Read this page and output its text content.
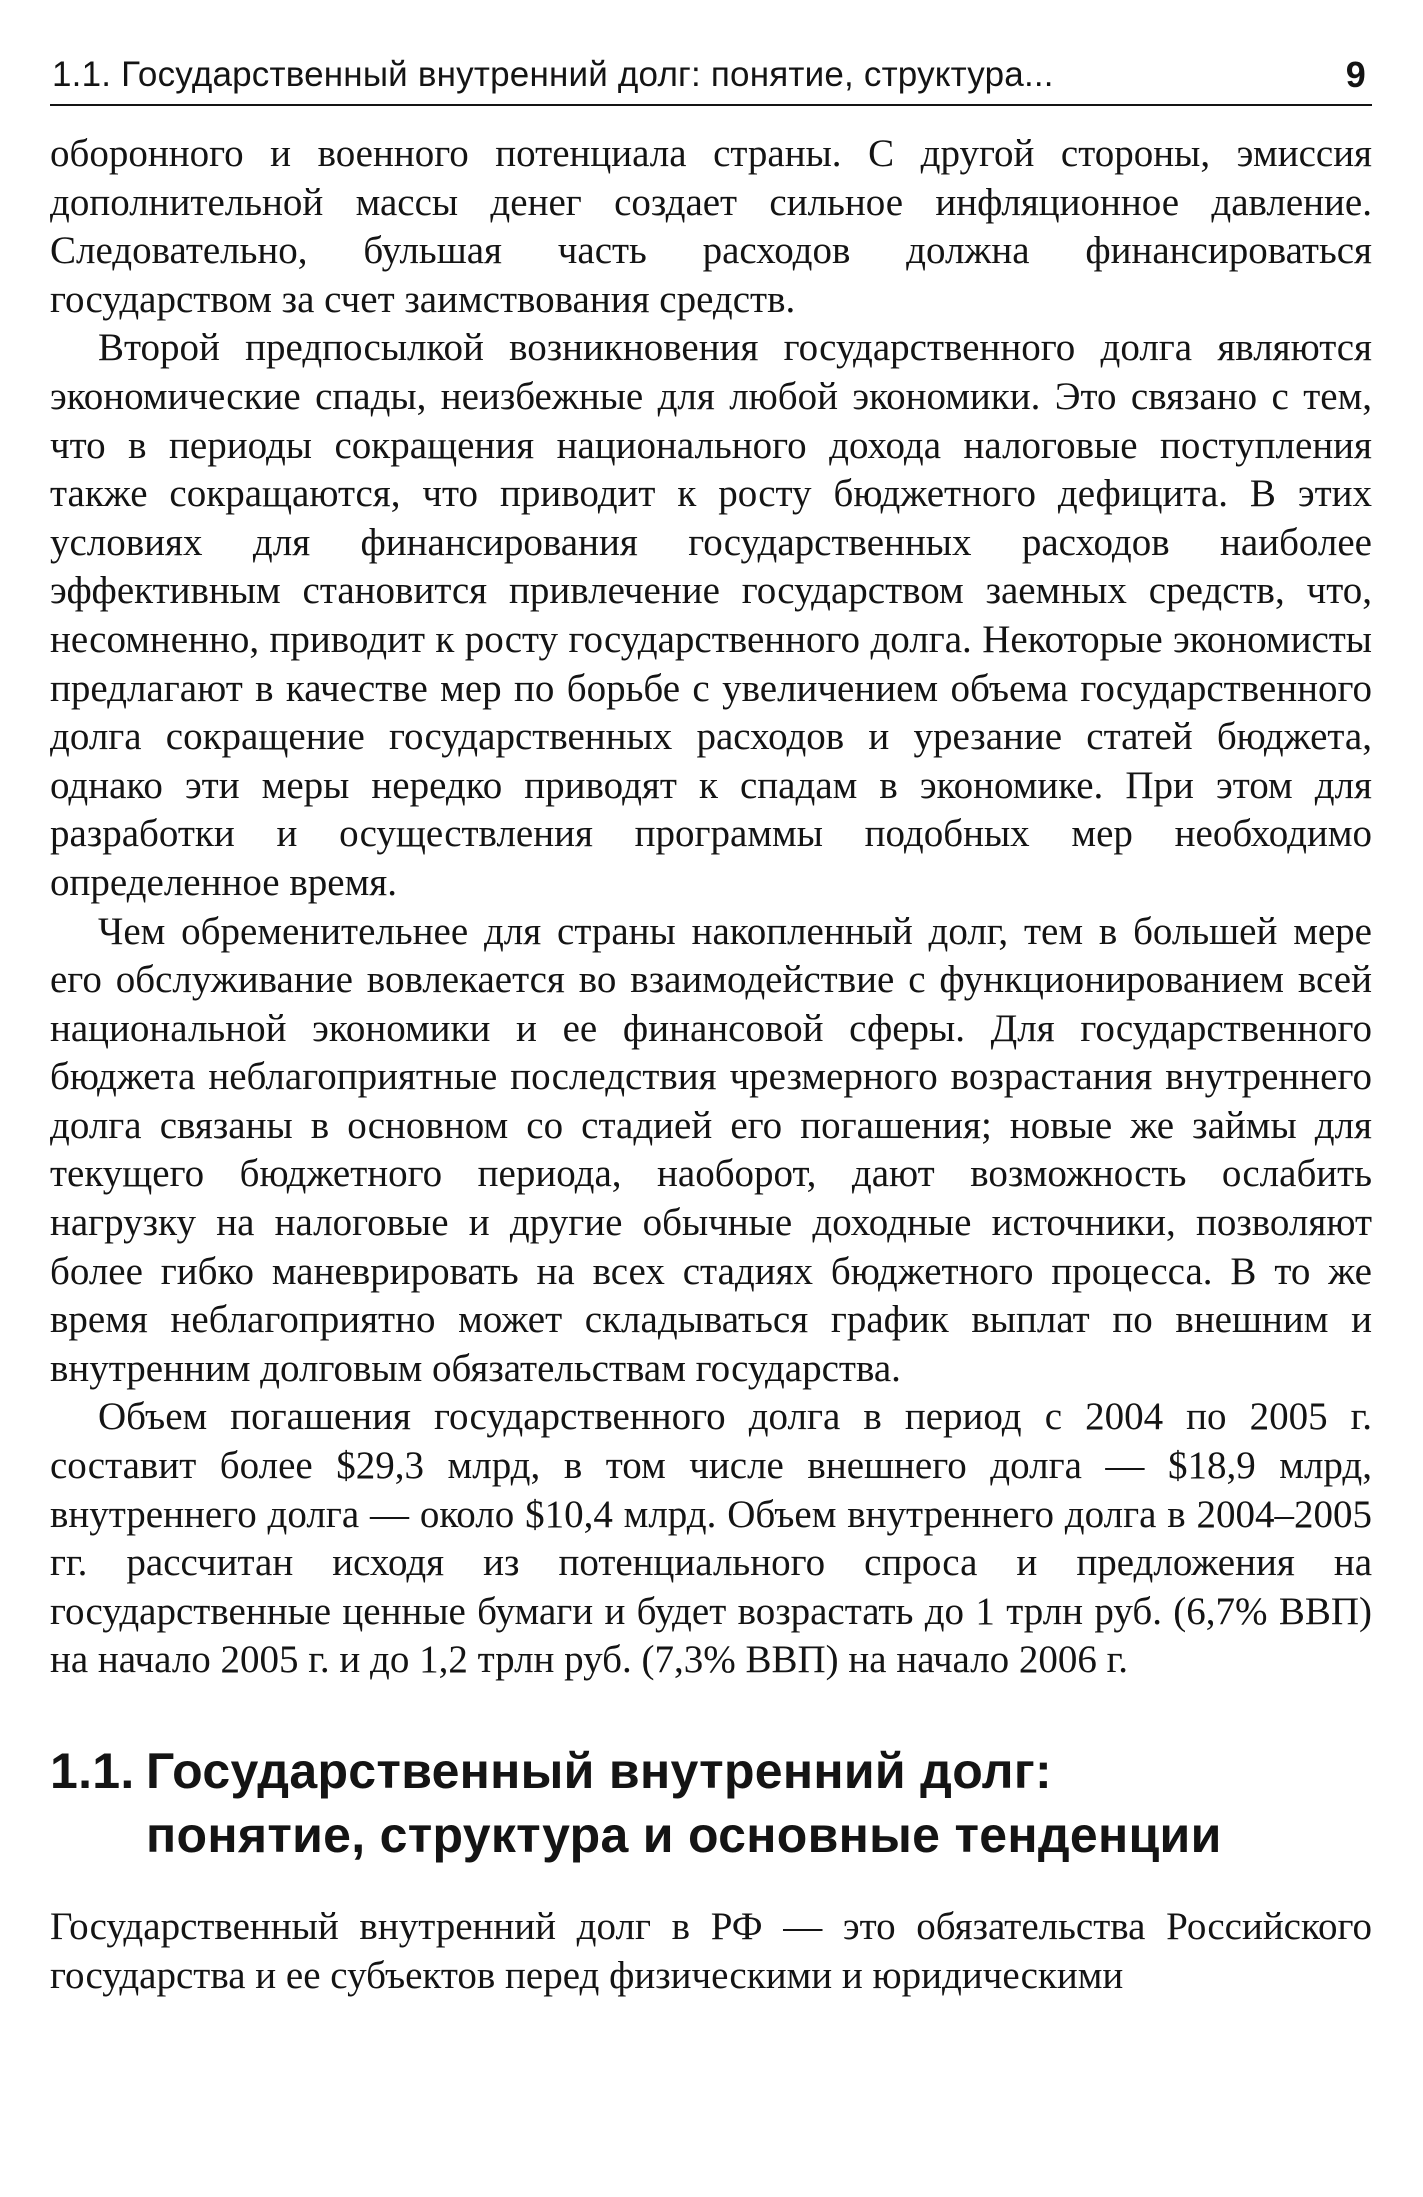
1.1. Государственный внутренний долг: понятие, структура...	9

оборонного и военного потенциала страны. С другой стороны, эмиссия дополнительной массы денег создает сильное инфляционное давление. Следовательно, бульшая часть расходов должна финансироваться государством за счет заимствования средств.

Второй предпосылкой возникновения государственного долга являются экономические спады, неизбежные для любой экономики. Это связано с тем, что в периоды сокращения национального дохода налоговые поступления также сокращаются, что приводит к росту бюджетного дефицита. В этих условиях для финансирования государственных расходов наиболее эффективным становится привлечение государством заемных средств, что, несомненно, приводит к росту государственного долга. Некоторые экономисты предлагают в качестве мер по борьбе с увеличением объема государственного долга сокращение государственных расходов и урезание статей бюджета, однако эти меры нередко приводят к спадам в экономике. При этом для разработки и осуществления программы подобных мер необходимо определенное время.

Чем обременительнее для страны накопленный долг, тем в большей мере его обслуживание вовлекается во взаимодействие с функционированием всей национальной экономики и ее финансовой сферы. Для государственного бюджета неблагоприятные последствия чрезмерного возрастания внутреннего долга связаны в основном со стадией его погашения; новые же займы для текущего бюджетного периода, наоборот, дают возможность ослабить нагрузку на налоговые и другие обычные доходные источники, позволяют более гибко маневрировать на всех стадиях бюджетного процесса. В то же время неблагоприятно может складываться график выплат по внешним и внутренним долговым обязательствам государства.

Объем погашения государственного долга в период с 2004 по 2005 г. составит более $29,3 млрд, в том числе внешнего долга — $18,9 млрд, внутреннего долга — около $10,4 млрд. Объем внутреннего долга в 2004–2005 гг. рассчитан исходя из потенциального спроса и предложения на государственные ценные бумаги и будет возрастать до 1 трлн руб. (6,7% ВВП) на начало 2005 г. и до 1,2 трлн руб. (7,3% ВВП) на начало 2006 г.

1.1. Государственный внутренний долг:
понятие, структура и основные тенденции

Государственный внутренний долг в РФ — это обязательства Российского государства и ее субъектов перед физическими и юридическими
